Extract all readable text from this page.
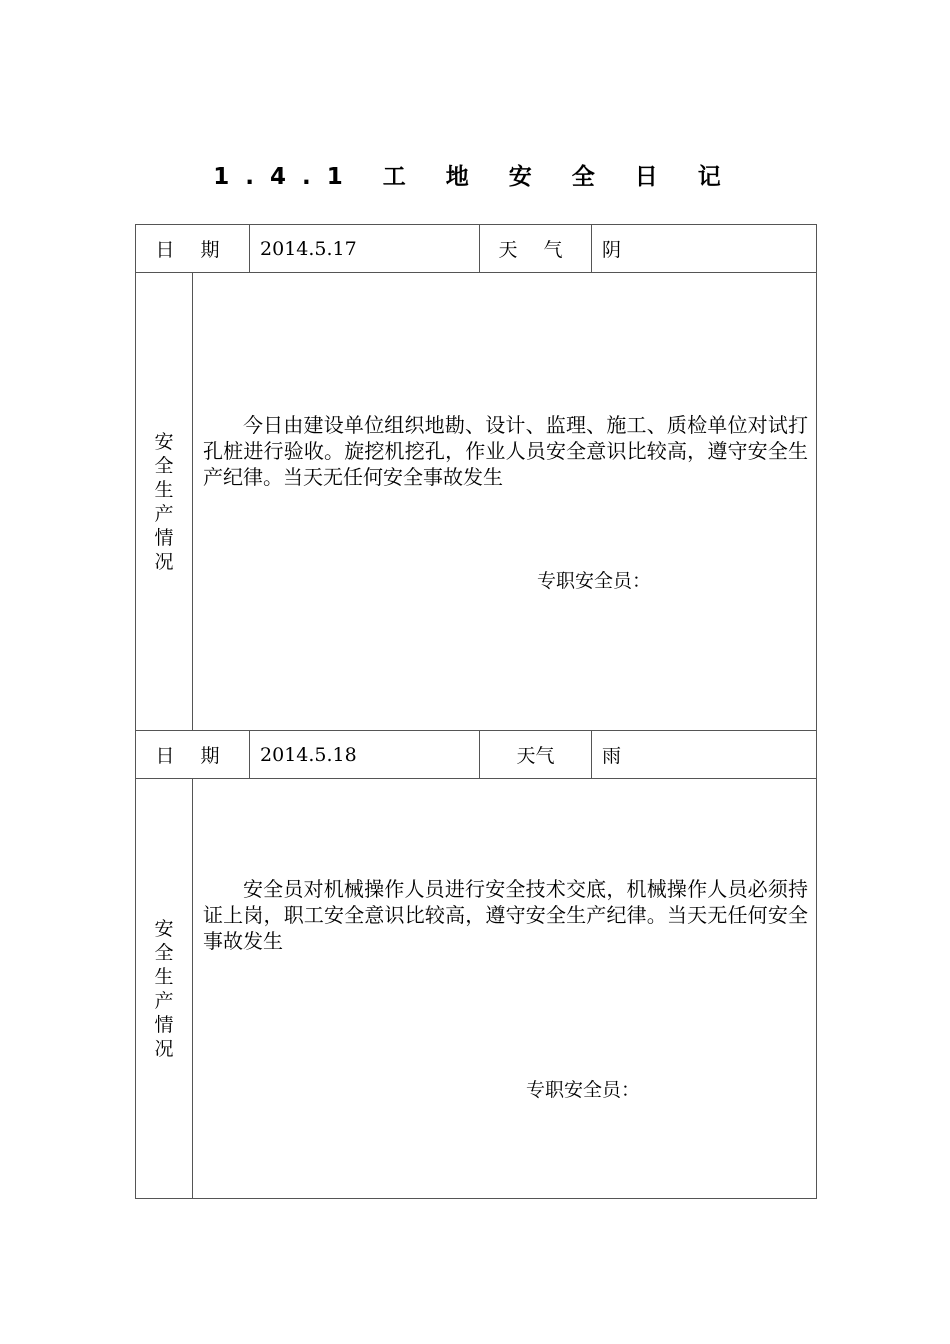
1.4.1 工 地 安 全 日 记
日 期		2014.5.17	天 气	阴
安全生产情况	今日由建设单位组织地勘、设计、监理、施工、质检单位对试打孔桩进行验收。旋挖机挖孔，作业人员安全意识比较高，遵守安全生产纪律。当天无任何安全事故发生
专职安全员：			

日 期		2014.5.18	天气	雨
安全生产情况	安全员对机械操作人员进行安全技术交底，机械操作人员必须持证上岗，职工安全意识比较高，遵守安全生产纪律。当天无任何安全事故发生
专职安全员：			
